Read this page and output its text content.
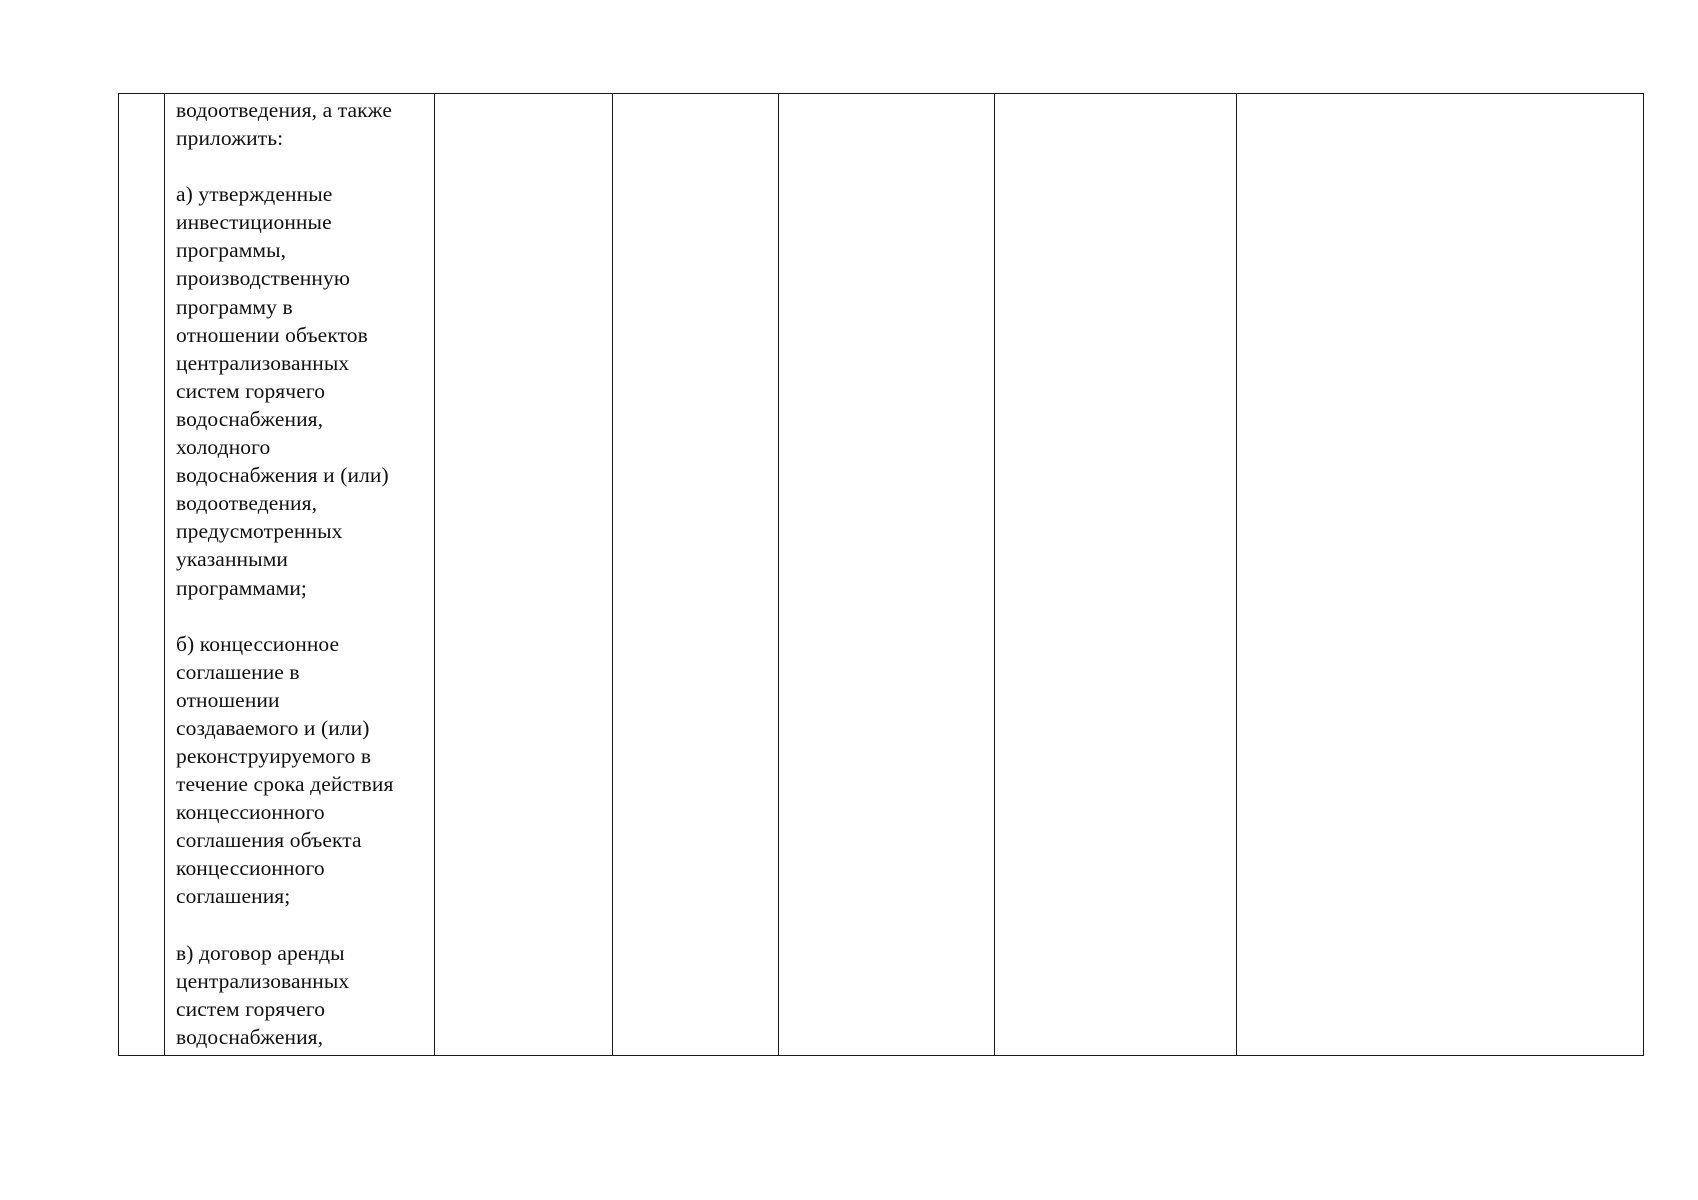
водоотведения, а также
приложить:

а) утвержденные
инвестиционные
программы,
производственную
программу в
отношении объектов
централизованных
систем горячего
водоснабжения,
холодного
водоснабжения и (или)
водоотведения,
предусмотренных
указанными
программами;

б) концессионное
соглашение в
отношении
создаваемого и (или)
реконструируемого в
течение срока действия
концессионного
соглашения объекта
концессионного
соглашения;

в) договор аренды
централизованных
систем горячего
водоснабжения,
